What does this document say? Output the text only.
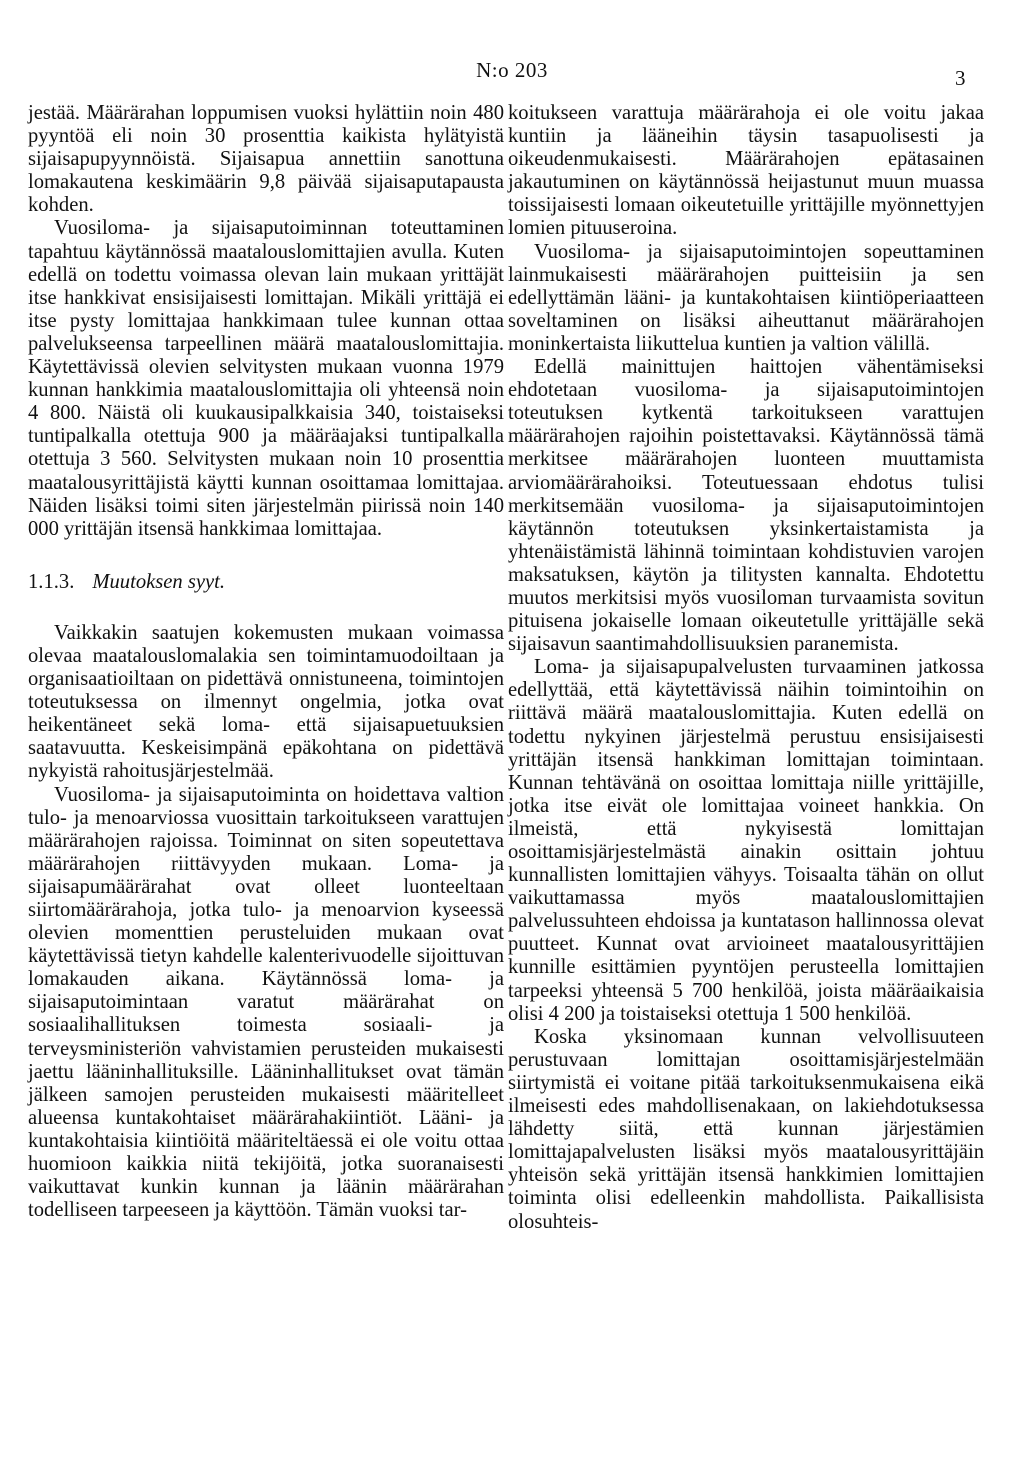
N:o 203	3

jestää. Määrärahan loppumisen vuoksi hylättiin noin 480 pyyntöä eli noin 30 prosenttia kaikista hylätyistä sijaisapupyynnöistä. Sijaisapua annettiin sanottuna lomakautena keskimäärin 9,8 päivää sijaisaputapausta kohden.

Vuosiloma- ja sijaisaputoiminnan toteuttaminen tapahtuu käytännössä maatalouslomittajien avulla. Kuten edellä on todettu voimassa olevan lain mukaan yrittäjät itse hankkivat ensisijaisesti lomittajan. Mikäli yrittäjä ei itse pysty lomittajaa hankkimaan tulee kunnan ottaa palvelukseensa tarpeellinen määrä maatalouslomittajia. Käytettävissä olevien selvitysten mukaan vuonna 1979 kunnan hankkimia maatalouslomittajia oli yhteensä noin 4 800. Näistä oli kuukausipalkkaisia 340, toistaiseksi tuntipalkalla otettuja 900 ja määräajaksi tuntipalkalla otettuja 3 560. Selvitysten mukaan noin 10 prosenttia maatalousyrittäjistä käytti kunnan osoittamaa lomittajaa. Näiden lisäksi toimi siten järjestelmän piirissä noin 140 000 yrittäjän itsensä hankkimaa lomittajaa.

1.1.3. Muutoksen syyt.

Vaikkakin saatujen kokemusten mukaan voimassa olevaa maatalouslomalakia sen toimintamuodoiltaan ja organisaatioiltaan on pidettävä onnistuneena, toimintojen toteutuksessa on ilmennyt ongelmia, jotka ovat heikentäneet sekä loma- että sijaisapuetuuksien saatavuutta. Keskeisimpänä epäkohtana on pidettävä nykyistä rahoitusjärjestelmää.

Vuosiloma- ja sijaisaputoiminta on hoidettava valtion tulo- ja menoarviossa vuosittain tarkoitukseen varattujen määrärahojen rajoissa. Toiminnat on siten sopeutettava määrärahojen riittävyyden mukaan. Loma- ja sijaisapumäärärahat ovat olleet luonteeltaan siirtomäärärahoja, jotka tulo- ja menoarvion kyseessä olevien momenttien perusteluiden mukaan ovat käytettävissä tietyn kahdelle kalenterivuodelle sijoittuvan lomakauden aikana. Käytännössä loma- ja sijaisaputoimintaan varatut määrärahat on sosiaalihallituksen toimesta sosiaali- ja terveysministeriön vahvistamien perusteiden mukaisesti jaettu lääninhallituksille. Lääninhallitukset ovat tämän jälkeen samojen perusteiden mukaisesti määritelleet alueensa kuntakohtaiset määrärahakiintiöt. Lääni- ja kuntakohtaisia kiintiöitä määriteltäessä ei ole voitu ottaa huomioon kaikkia niitä tekijöitä, jotka suoranaisesti vaikuttavat kunkin kunnan ja läänin määrärahan todelliseen tarpeeseen ja käyttöön. Tämän vuoksi tar-

koitukseen varattuja määrärahoja ei ole voitu jakaa kuntiin ja lääneihin täysin tasapuolisesti ja oikeudenmukaisesti. Määrärahojen epätasainen jakautuminen on käytännössä heijastunut muun muassa toissijaisesti lomaan oikeutetuille yrittäjille myönnettyjen lomien pituuseroina.

Vuosiloma- ja sijaisaputoimintojen sopeuttaminen lainmukaisesti määrärahojen puitteisiin ja sen edellyttämän lääni- ja kuntakohtaisen kiintiöperiaatteen soveltaminen on lisäksi aiheuttanut määrärahojen moninkertaista liikuttelua kuntien ja valtion välillä.

Edellä mainittujen haittojen vähentämiseksi ehdotetaan vuosiloma- ja sijaisaputoimintojen toteutuksen kytkentä tarkoitukseen varattujen määrärahojen rajoihin poistettavaksi. Käytännössä tämä merkitsee määrärahojen luonteen muuttamista arviomäärärahoiksi. Toteutuessaan ehdotus tulisi merkitsemään vuosiloma- ja sijaisaputoimintojen käytännön toteutuksen yksinkertaistamista ja yhtenäistämistä lähinnä toimintaan kohdistuvien varojen maksatuksen, käytön ja tilitysten kannalta. Ehdotettu muutos merkitsisi myös vuosiloman turvaamista sovitun pituisena jokaiselle lomaan oikeutetulle yrittäjälle sekä sijaisavun saantimahdollisuuksien paranemista.

Loma- ja sijaisapupalvelusten turvaaminen jatkossa edellyttää, että käytettävissä näihin toimintoihin on riittävä määrä maatalouslomittajia. Kuten edellä on todettu nykyinen järjestelmä perustuu ensisijaisesti yrittäjän itsensä hankkiman lomittajan toimintaan. Kunnan tehtävänä on osoittaa lomittaja niille yrittäjille, jotka itse eivät ole lomittajaa voineet hankkia. On ilmeistä, että nykyisestä lomittajan osoittamisjärjestelmästä ainakin osittain johtuu kunnallisten lomittajien vähyys. Toisaalta tähän on ollut vaikuttamassa myös maatalouslomittajien palvelussuhteen ehdoissa ja kuntatason hallinnossa olevat puutteet. Kunnat ovat arvioineet maatalousyrittäjien kunnille esittämien pyyntöjen perusteella lomittajien tarpeeksi yhteensä 5 700 henkilöä, joista määräaikaisia olisi 4 200 ja toistaiseksi otettuja 1 500 henkilöä.

Koska yksinomaan kunnan velvollisuuteen perustuvaan lomittajan osoittamisjärjestelmään siirtymistä ei voitane pitää tarkoituksenmukaisena eikä ilmeisesti edes mahdollisenakaan, on lakiehdotuksessa lähdetty siitä, että kunnan järjestämien lomittajapalvelusten lisäksi myös maatalousyrittäjäin yhteisön sekä yrittäjän itsensä hankkimien lomittajien toiminta olisi edelleenkin mahdollista. Paikallisista olosuhteis-
